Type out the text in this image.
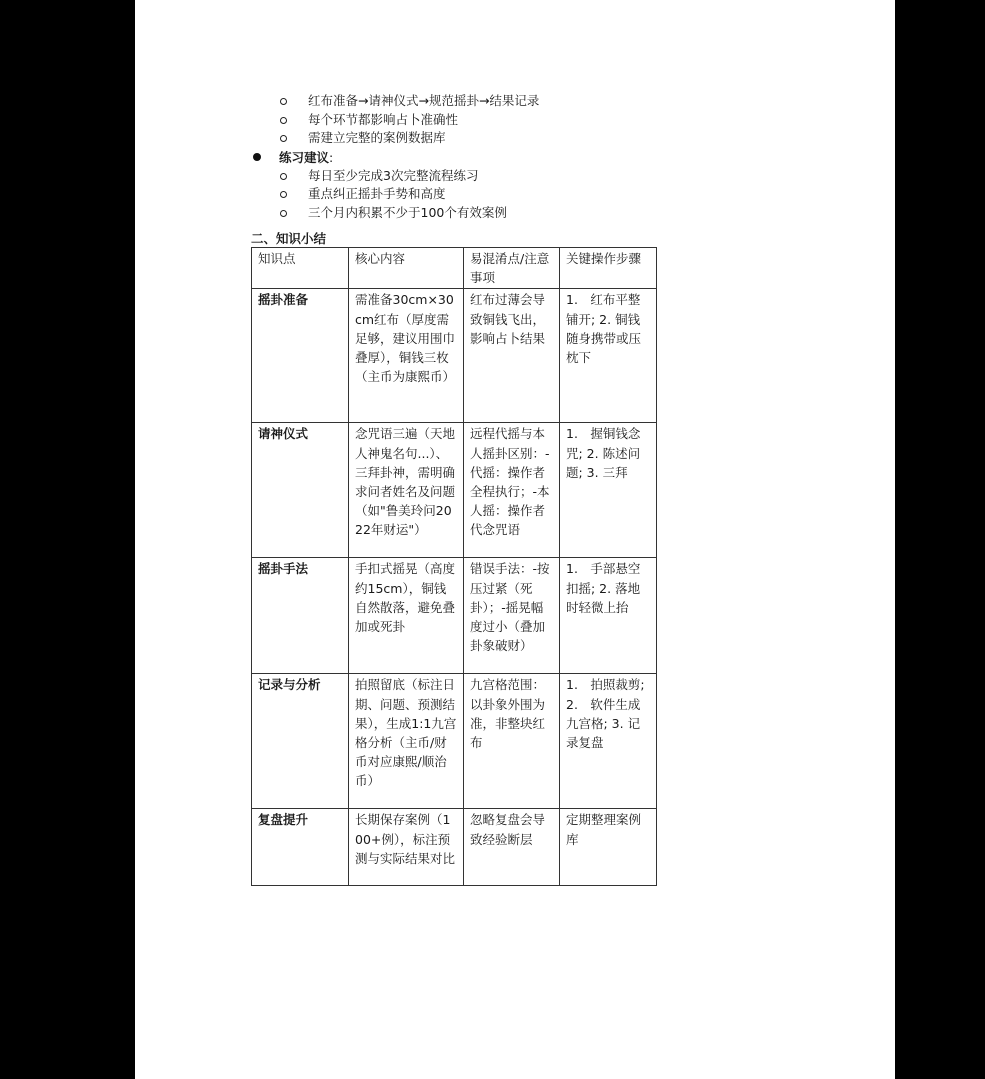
红布准备→请神仪式→规范摇卦→结果记录
每个环节都影响占卜准确性
需建立完整的案例数据库
练习建议:
每日至少完成3次完整流程练习
重点纠正摇卦手势和高度
三个月内积累不少于100个有效案例
二、知识小结
知识点	核心内容	易混淆点/注意事项	关键操作步骤
摇卦准备	需准备30cm×30cm红布（厚度需足够，建议用围巾叠厚），铜钱三枚（主币为康熙币）	红布过薄会导致铜钱飞出，影响占卜结果	1.　红布平整铺开; 2. 铜钱随身携带或压枕下
请神仪式	念咒语三遍（天地人神鬼名句...）、三拜卦神，需明确求问者姓名及问题（如"鲁美玲问2022年财运"）	远程代摇与本人摇卦区别：-代摇：操作者全程执行；-本人摇：操作者代念咒语	1.　握铜钱念咒; 2. 陈述问题; 3. 三拜
摇卦手法	手扣式摇晃（高度约15cm），铜钱自然散落，避免叠加或死卦	错误手法：-按压过紧（死卦）；-摇晃幅度过小（叠加卦象破财）	1.　手部悬空扣摇; 2. 落地时轻微上抬
记录与分析	拍照留底（标注日期、问题、预测结果），生成1:1九宫格分析（主币/财币对应康熙/顺治币）	九宫格范围：以卦象外围为准，非整块红布	1.　拍照裁剪; 2.　软件生成九宫格; 3. 记录复盘
复盘提升	长期保存案例（100+例），标注预测与实际结果对比	忽略复盘会导致经验断层	定期整理案例库
